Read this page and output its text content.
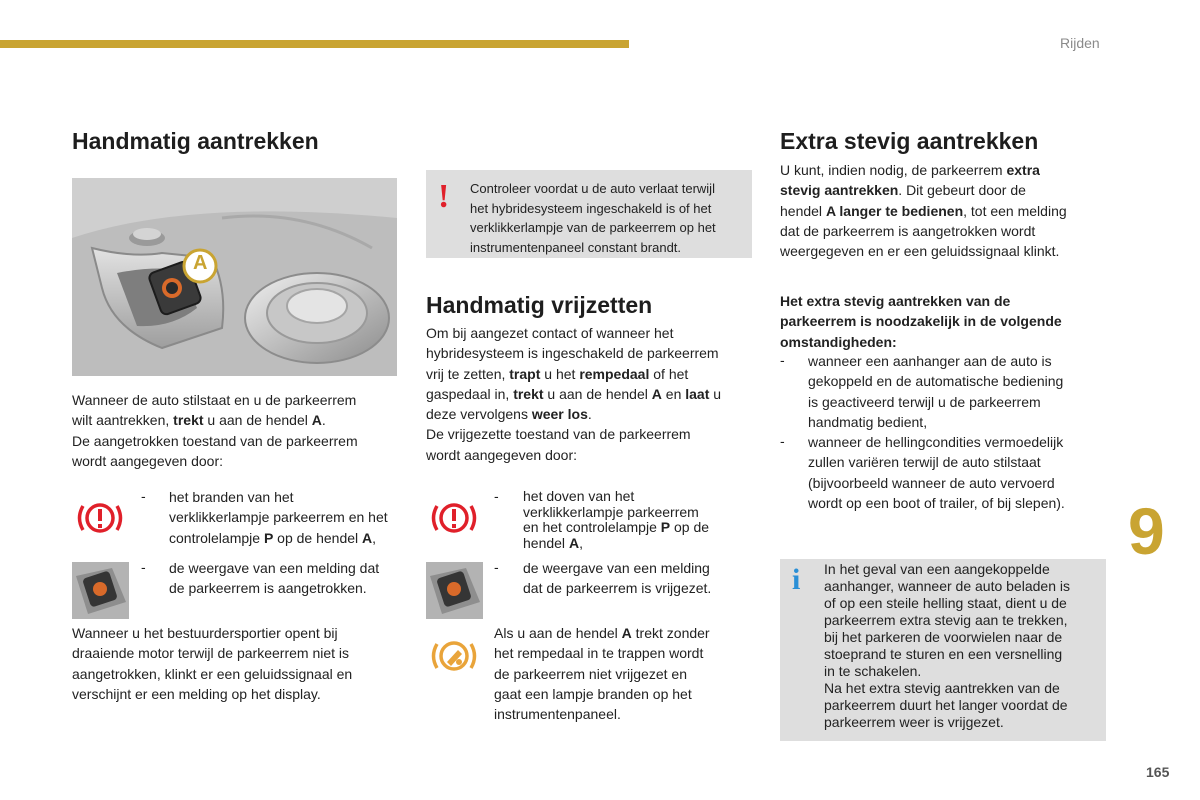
Rijden
Handmatig aantrekken
A
Wanneer de auto stilstaat en u de parkeerrem
wilt aantrekken, trekt u aan de hendel A.
De aangetrokken toestand van de parkeerrem
wordt aangegeven door:
- het branden van het
verklikkerlampje parkeerrem en het
controlelampje P op de hendel A,
- de weergave van een melding dat
de parkeerrem is aangetrokken.
Wanneer u het bestuurdersportier opent bij
draaiende motor terwijl de parkeerrem niet is
aangetrokken, klinkt er een geluidssignaal en
verschijnt er een melding op het display.
! Controleer voordat u de auto verlaat terwijl
het hybridesysteem ingeschakeld is of het
verklikkerlampje van de parkeerrem op het
instrumentenpaneel constant brandt.
Handmatig vrijzetten
Om bij aangezet contact of wanneer het
hybridesysteem is ingeschakeld de parkeerrem
vrij te zetten, trapt u het rempedaal of het
gaspedaal in, trekt u aan de hendel A en laat u
deze vervolgens weer los.
De vrijgezette toestand van de parkeerrem
wordt aangegeven door:
- het doven van het
verklikkerlampje parkeerrem
en het controlelampje P op de
hendel A,
- de weergave van een melding
dat de parkeerrem is vrijgezet.
Als u aan de hendel A trekt zonder
het rempedaal in te trappen wordt
de parkeerrem niet vrijgezet en
gaat een lampje branden op het
instrumentenpaneel.
Extra stevig aantrekken
U kunt, indien nodig, de parkeerrem extra
stevig aantrekken. Dit gebeurt door de
hendel A langer te bedienen, tot een melding
dat de parkeerrem is aangetrokken wordt
weergegeven en er een geluidssignaal klinkt.
Het extra stevig aantrekken van de
parkeerrem is noodzakelijk in de volgende
omstandigheden:
- wanneer een aanhanger aan de auto is
gekoppeld en de automatische bediening
is geactiveerd terwijl u de parkeerrem
handmatig bedient,
- wanneer de hellingcondities vermoedelijk
zullen variëren terwijl de auto stilstaat
(bijvoorbeeld wanneer de auto vervoerd
wordt op een boot of trailer, of bij slepen).
i In het geval van een aangekoppelde
aanhanger, wanneer de auto beladen is
of op een steile helling staat, dient u de
parkeerrem extra stevig aan te trekken,
bij het parkeren de voorwielen naar de
stoeprand te sturen en een versnelling
in te schakelen.
Na het extra stevig aantrekken van de
parkeerrem duurt het langer voordat de
parkeerrem weer is vrijgezet.
9
165
